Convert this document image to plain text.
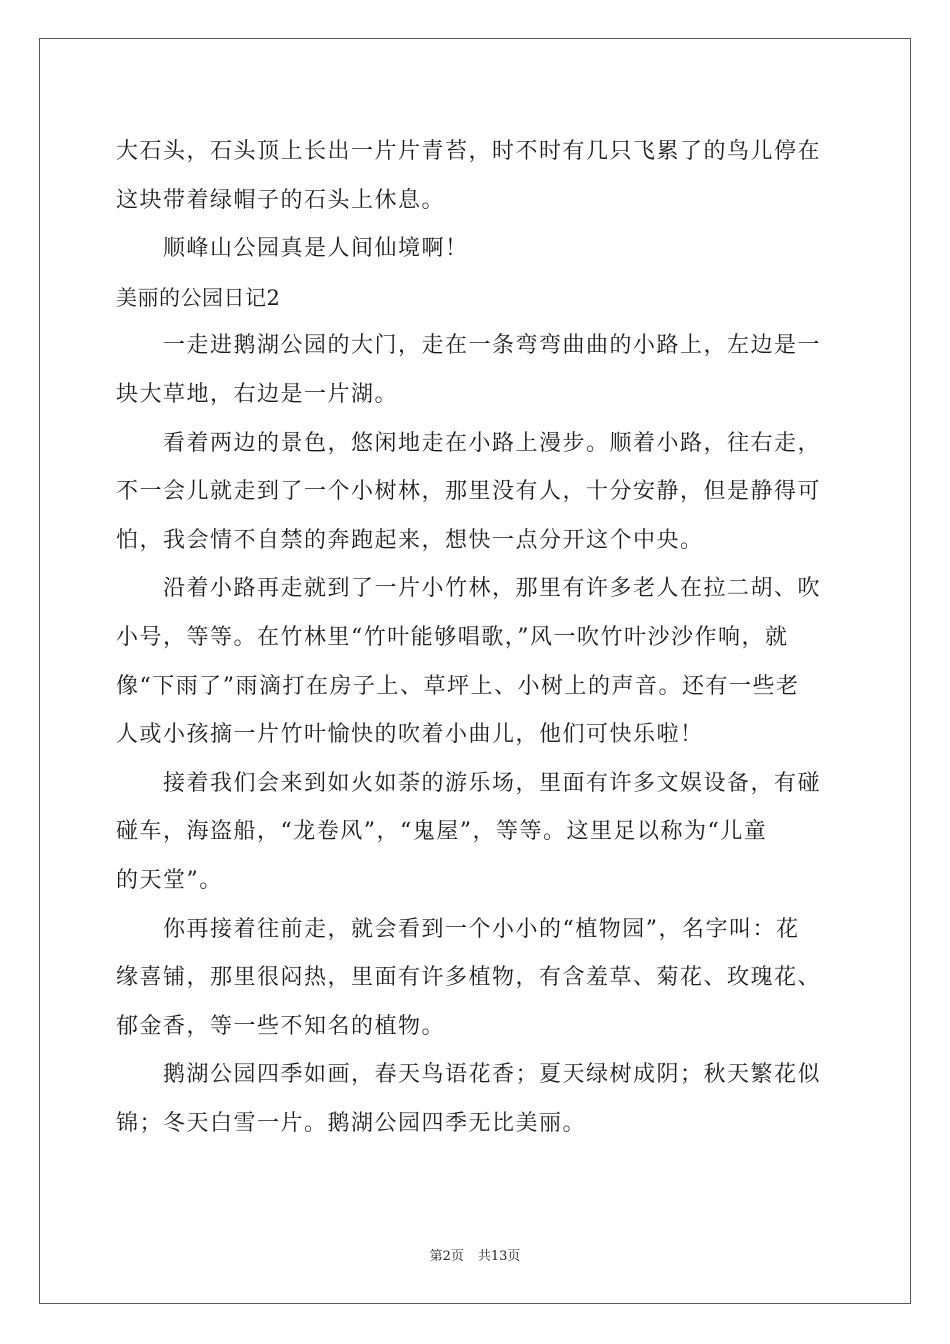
大石头，石头顶上长出一片片青苔，时不时有几只飞累了的鸟儿停在
这块带着绿帽子的石头上休息。
顺峰山公园真是人间仙境啊！
美丽的公园日记2
一走进鹅湖公园的大门，走在一条弯弯曲曲的小路上，左边是一
块大草地，右边是一片湖。
看着两边的景色，悠闲地走在小路上漫步。顺着小路，往右走，
不一会儿就走到了一个小树林，那里没有人，十分安静，但是静得可
怕，我会情不自禁的奔跑起来，想快一点分开这个中央。
沿着小路再走就到了一片小竹林，那里有许多老人在拉二胡、吹
小号，等等。在竹林里“竹叶能够唱歌，”风一吹竹叶沙沙作响，就
像“下雨了”雨滴打在房子上、草坪上、小树上的声音。还有一些老
人或小孩摘一片竹叶愉快的吹着小曲儿，他们可快乐啦！
接着我们会来到如火如荼的游乐场，里面有许多文娱设备，有碰
碰车，海盗船，“龙卷风”，“鬼屋”，等等。这里足以称为“儿童
的天堂”。
你再接着往前走，就会看到一个小小的“植物园”，名字叫：花
缘喜铺，那里很闷热，里面有许多植物，有含羞草、菊花、玫瑰花、
郁金香，等一些不知名的植物。
鹅湖公园四季如画，春天鸟语花香；夏天绿树成阴；秋天繁花似
锦；冬天白雪一片。鹅湖公园四季无比美丽。
第2页 共13页
